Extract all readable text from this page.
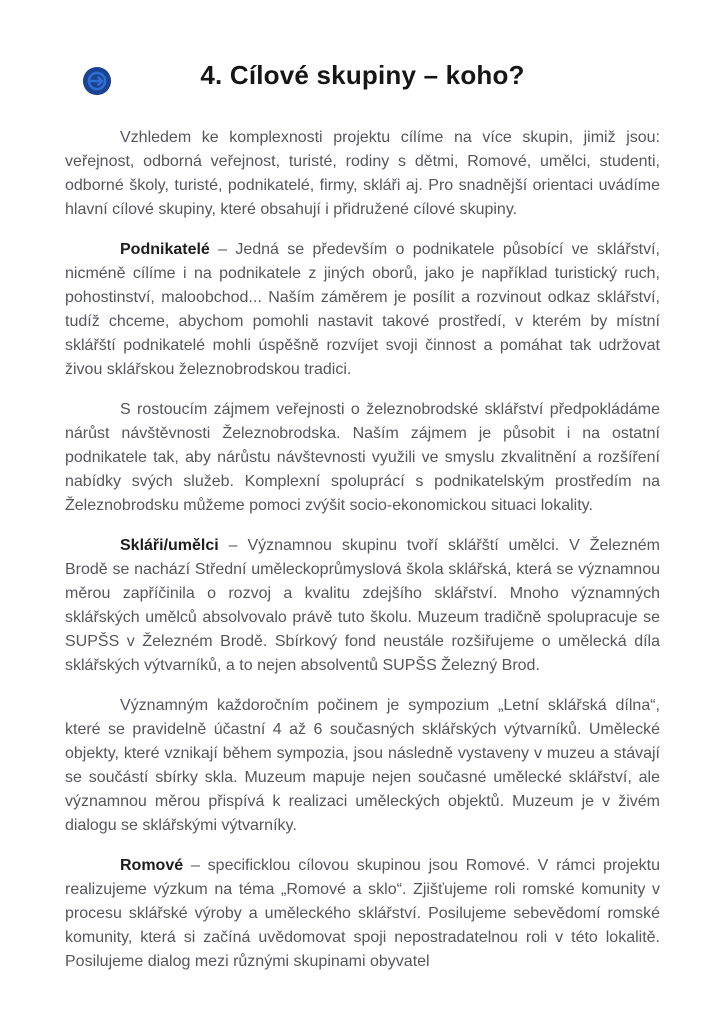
4. Cílové skupiny – koho?

Vzhledem ke komplexnosti projektu cílíme na více skupin, jimiž jsou: veřejnost, odborná veřejnost, turisté, rodiny s dětmi, Romové, umělci, studenti, odborné školy, turisté, podnikatelé, firmy, skláři aj. Pro snadnější orientaci uvádíme hlavní cílové skupiny, které obsahují i přidružené cílové skupiny.

Podnikatelé – Jedná se především o podnikatele působící ve sklářství, nicméně cílíme i na podnikatele z jiných oborů, jako je například turistický ruch, pohostinství, maloobchod... Naším záměrem je posílit a rozvinout odkaz sklářství, tudíž chceme, abychom pomohli nastavit takové prostředí, v kterém by místní sklářští podnikatelé mohli úspěšně rozvíjet svoji činnost a pomáhat tak udržovat živou sklářskou železnobrodskou tradici.

S rostoucím zájmem veřejnosti o železnobrodské sklářství předpokládáme nárůst návštěvnosti Železnobrodska. Naším zájmem je působit i na ostatní podnikatele tak, aby nárůstu návštevnosti využili ve smyslu zkvalitnění a rozšíření nabídky svých služeb. Komplexní spoluprácí s podnikatelským prostředím na Železnobrodsku můžeme pomoci zvýšit socio-ekonomickou situaci lokality.

Skláři/umělci – Významnou skupinu tvoří sklářští umělci. V Železném Brodě se nachází Střední uměleckoprůmyslová škola sklářská, která se významnou měrou zapříčinila o rozvoj a kvalitu zdejšího sklářství. Mnoho významných sklářských umělců absolvovalo právě tuto školu. Muzeum tradičně spolupracuje se SUPŠS v Železném Brodě. Sbírkový fond neustále rozšiřujeme o umělecká díla sklářských výtvarníků, a to nejen absolventů SUPŠS Železný Brod.

Významným každoročním počinem je sympozium „Letní sklářská dílna“, které se pravidelně účastní 4 až 6 současných sklářských výtvarníků. Umělecké objekty, které vznikají během sympozia, jsou následně vystaveny v muzeu a stávají se součástí sbírky skla. Muzeum mapuje nejen současné umělecké sklářství, ale významnou měrou přispívá k realizaci uměleckých objektů. Muzeum je v živém dialogu se sklářskými výtvarníky.

Romové – specificklou cílovou skupinou jsou Romové. V rámci projektu realizujeme výzkum na téma „Romové a sklo“. Zjišťujeme roli romské komunity v procesu sklářské výroby a uměleckého sklářství. Posilujeme sebevědomí romské komunity, která si začíná uvědomovat spoji nepostradatelnou roli v této lokalitě. Posilujeme dialog mezi různými skupinami obyvatel
